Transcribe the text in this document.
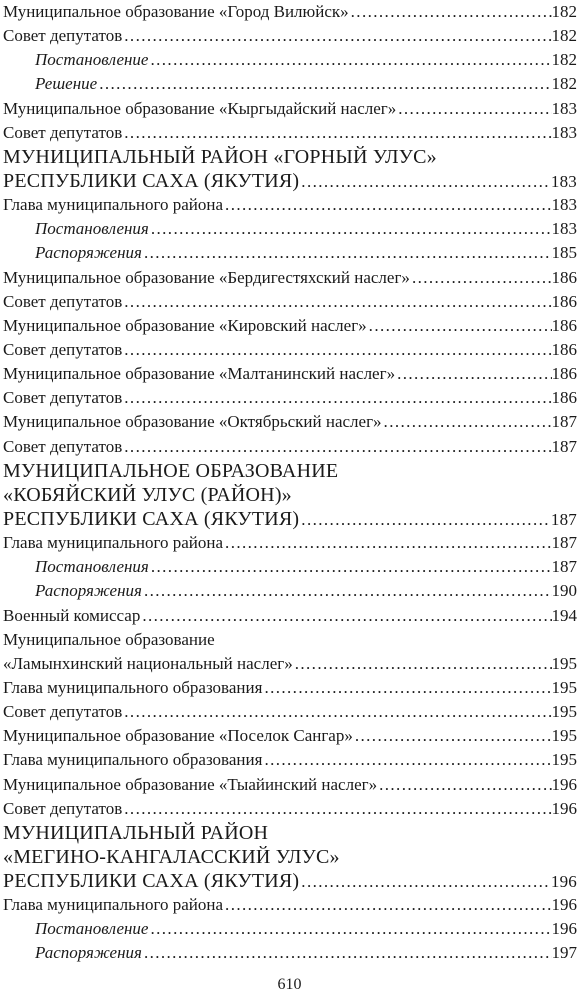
Муниципальное образование «Город Вилюйск» .....	182
Совет депутатов .....	182
Постановление .....	182
Решение .....	182
Муниципальное образование «Кыргыдайский наслег» .....	183
Совет депутатов .....	183
МУНИЦИПАЛЬНЫЙ РАЙОН «ГОРНЫЙ УЛУС»
РЕСПУБЛИКИ САХА (ЯКУТИЯ) .....	183
Глава муниципального района .....	183
Постановления .....	183
Распоряжения .....	185
Муниципальное образование «Бердигестяхский наслег» .....	186
Совет депутатов .....	186
Муниципальное образование «Кировский наслег» .....	186
Совет депутатов .....	186
Муниципальное образование «Малтанинский наслег» .....	186
Совет депутатов .....	186
Муниципальное образование «Октябрьский наслег» .....	187
Совет депутатов .....	187
МУНИЦИПАЛЬНОЕ ОБРАЗОВАНИЕ
«КОБЯЙСКИЙ УЛУС (РАЙОН)»
РЕСПУБЛИКИ САХА (ЯКУТИЯ) .....	187
Глава муниципального района .....	187
Постановления .....	187
Распоряжения .....	190
Военный комиссар .....	194
Муниципальное образование
«Ламынхинский национальный наслег» .....	195
Глава муниципального образования .....	195
Совет депутатов .....	195
Муниципальное образование «Поселок Сангар» .....	195
Глава муниципального образования .....	195
Муниципальное образование «Тыайинский наслег» .....	196
Совет депутатов .....	196
МУНИЦИПАЛЬНЫЙ РАЙОН
«МЕГИНО-КАНГАЛАССКИЙ УЛУС»
РЕСПУБЛИКИ САХА (ЯКУТИЯ) .....	196
Глава муниципального района .....	196
Постановление .....	196
Распоряжения .....	197
610
